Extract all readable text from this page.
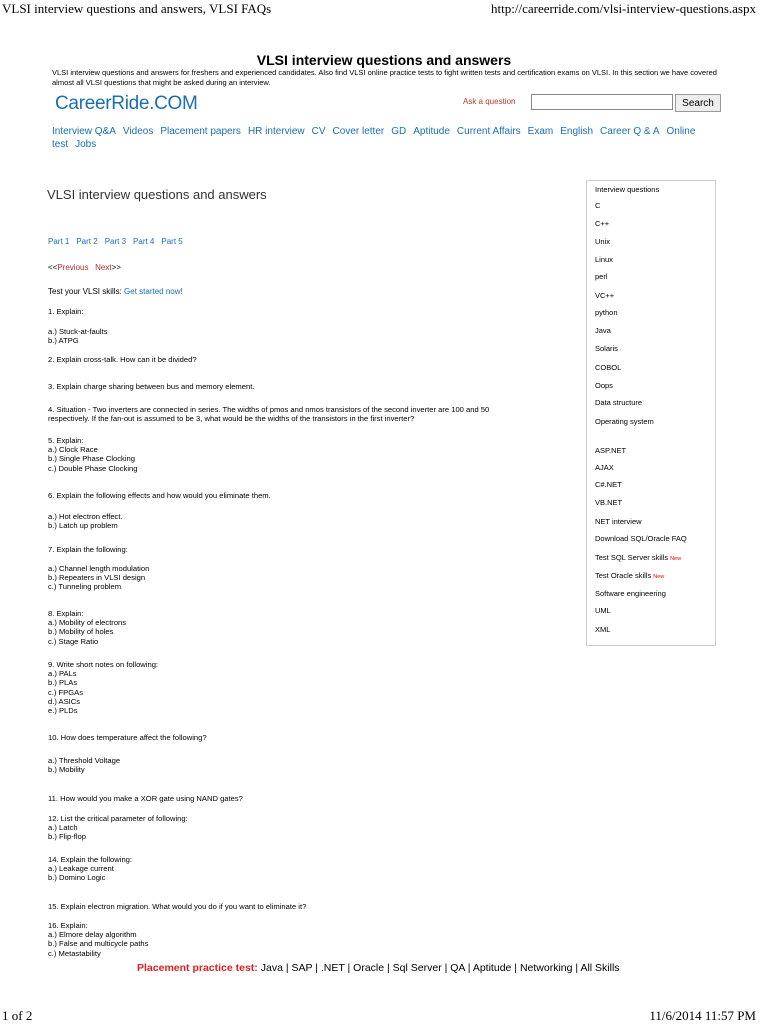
VLSI interview questions and answers, VLSI FAQs	http://careerride.com/vlsi-interview-questions.aspx
VLSI interview questions and answers
VLSI interview questions and answers for freshers and experienced candidates. Also find VLSI online practice tests to fight written tests and certification exams on VLSI. In this section we have covered almost all VLSI questions that might be asked during an interview.
CareerRide.COM	Ask a question	Search
Interview Q&A Videos Placement papers HR interview CV Cover letter GD Aptitude Current Affairs Exam English Career Q & A Online test Jobs
VLSI interview questions and answers
Part 1 Part 2 Part 3 Part 4 Part 5
<<Previous Next>>
Test your VLSI skills: Get started now!
1. Explain:
a.) Stuck-at-faults
b.) ATPG
2. Explain cross-talk. How can it be divided?
3. Explain charge sharing between bus and memory element.
4. Situation - Two inverters are connected in series. The widths of pmos and nmos transistors of the second inverter are 100 and 50 respectively. If the fan-out is assumed to be 3, what would be the widths of the transistors in the first inverter?
5. Explain:
a.) Clock Race
b.) Single Phase Clocking
c.) Double Phase Clocking
6. Explain the following effects and how would you eliminate them.
a.) Hot electron effect.
b.) Latch up problem
7. Explain the following:
a.) Channel length modulation
b.) Repeaters in VLSI design
c.) Tunneling problem
8. Explain:
a.) Mobility of electrons
b.) Mobility of holes
c.) Stage Ratio
9. Write short notes on following:
a.) PALs
b.) PLAs
c.) FPGAs
d.) ASICs
e.) PLDs
10. How does temperature affect the following?
a.) Threshold Voltage
b.) Mobility
11. How would you make a XOR gate using NAND gates?
12. List the critical parameter of following:
a.) Latch
b.) Flip-flop
14. Explain the following:
a.) Leakage current
b.) Domino Logic
15. Explain electron migration. What would you do if you want to eliminate it?
16. Explain:
a.) Elmore delay algorithm
b.) False and multicycle paths
c.) Metastability
Interview questions
C
C++
Unix
Linux
perl
VC++
python
Java
Solaris
COBOL
Oops
Data structure
Operating system
ASP.NET
AJAX
C#.NET
VB.NET
NET interview
Download SQL/Oracle FAQ
Test SQL Server skills New
Test Oracle skills New
Software engineering
UML
XML
Placement practice test: Java | SAP | .NET | Oracle | Sql Server | QA | Aptitude | Networking | All Skills
1 of 2	11/6/2014 11:57 PM
